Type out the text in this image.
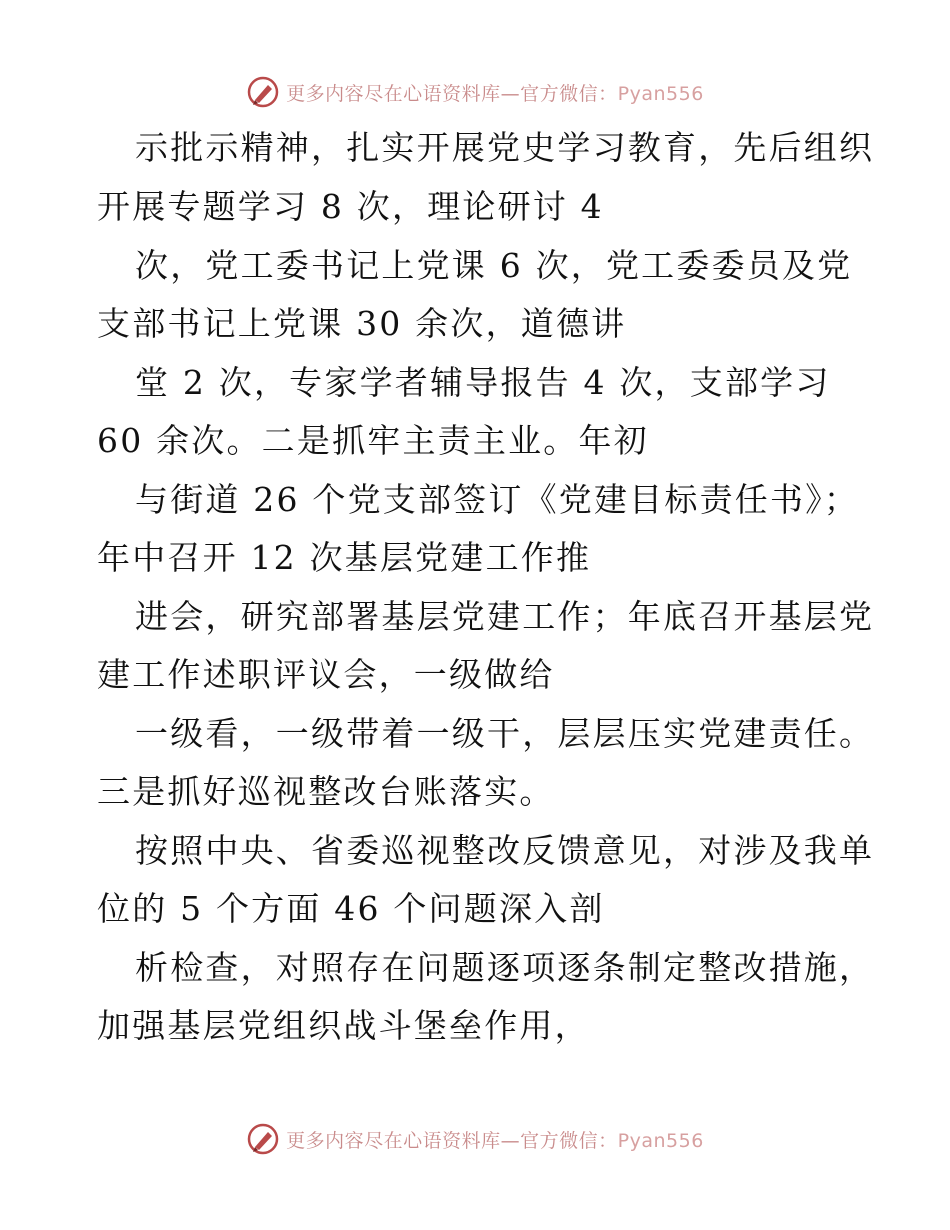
更多内容尽在心语资料库—官方微信：Pyan556
示批示精神，扎实开展党史学习教育，先后组织
开展专题学习 8 次，理论研讨 4
次，党工委书记上党课 6 次，党工委委员及党
支部书记上党课 30 余次，道德讲
堂 2 次，专家学者辅导报告 4 次，支部学习
60 余次。二是抓牢主责主业。年初
与街道 26 个党支部签订《党建目标责任书》；
年中召开 12 次基层党建工作推
进会，研究部署基层党建工作；年底召开基层党
建工作述职评议会，一级做给
一级看，一级带着一级干，层层压实党建责任。
三是抓好巡视整改台账落实。
按照中央、省委巡视整改反馈意见，对涉及我单
位的 5 个方面 46 个问题深入剖
析检查，对照存在问题逐项逐条制定整改措施，
加强基层党组织战斗堡垒作用，
更多内容尽在心语资料库—官方微信：Pyan556
